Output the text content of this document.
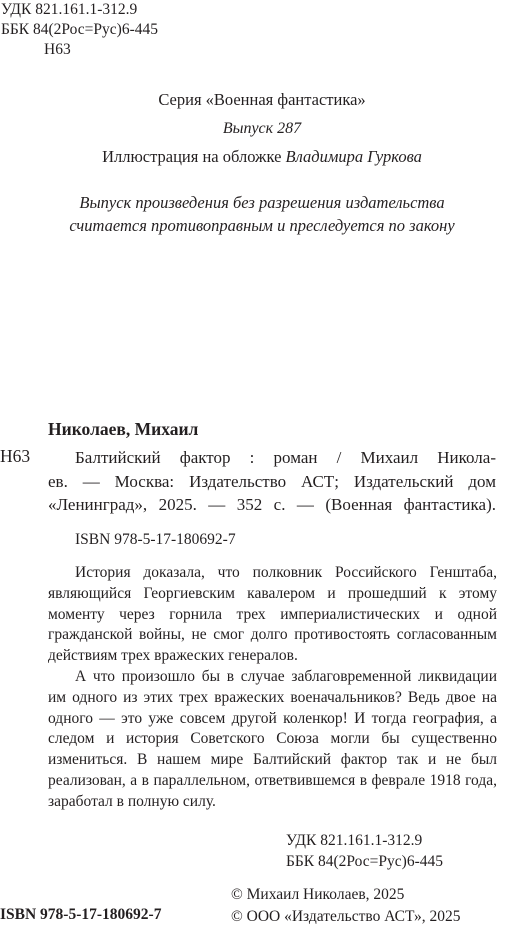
УДК 821.161.1-312.9
ББК 84(2Рос=Рус)6-445
Н63
Серия «Военная фантастика»
Выпуск 287
Иллюстрация на обложке Владимира Гуркова
Выпуск произведения без разрешения издательства
считается противоправным и преследуется по закону
Николаев, Михаил
Н63	Балтийский фактор : роман / Михаил Никола-
ев. — Москва: Издательство АСТ; Издательский дом
«Ленинград», 2025. — 352 с. — (Военная фантастика).
ISBN 978-5-17-180692-7

История доказала, что полковник Российского Генштаба, являющийся Георгиевским кавалером и прошедший к этому моменту через горнила трех империалистических и одной гражданской войны, не смог долго противостоять согласованным действиям трех вражеских генералов.

А что произошло бы в случае заблаговременной ликвидации им одного из этих трех вражеских военачальников? Ведь двое на одного — это уже совсем другой коленкор! И тогда география, а следом и история Советского Союза могли бы существенно измениться. В нашем мире Балтийский фактор так и не был реализован, а в параллельном, ответвившемся в феврале 1918 года, заработал в полную силу.

УДК 821.161.1-312.9
ББК 84(2Рос=Рус)6-445
© Михаил Николаев, 2025
© ООО «Издательство АСТ», 2025
ISBN 978-5-17-180692-7
